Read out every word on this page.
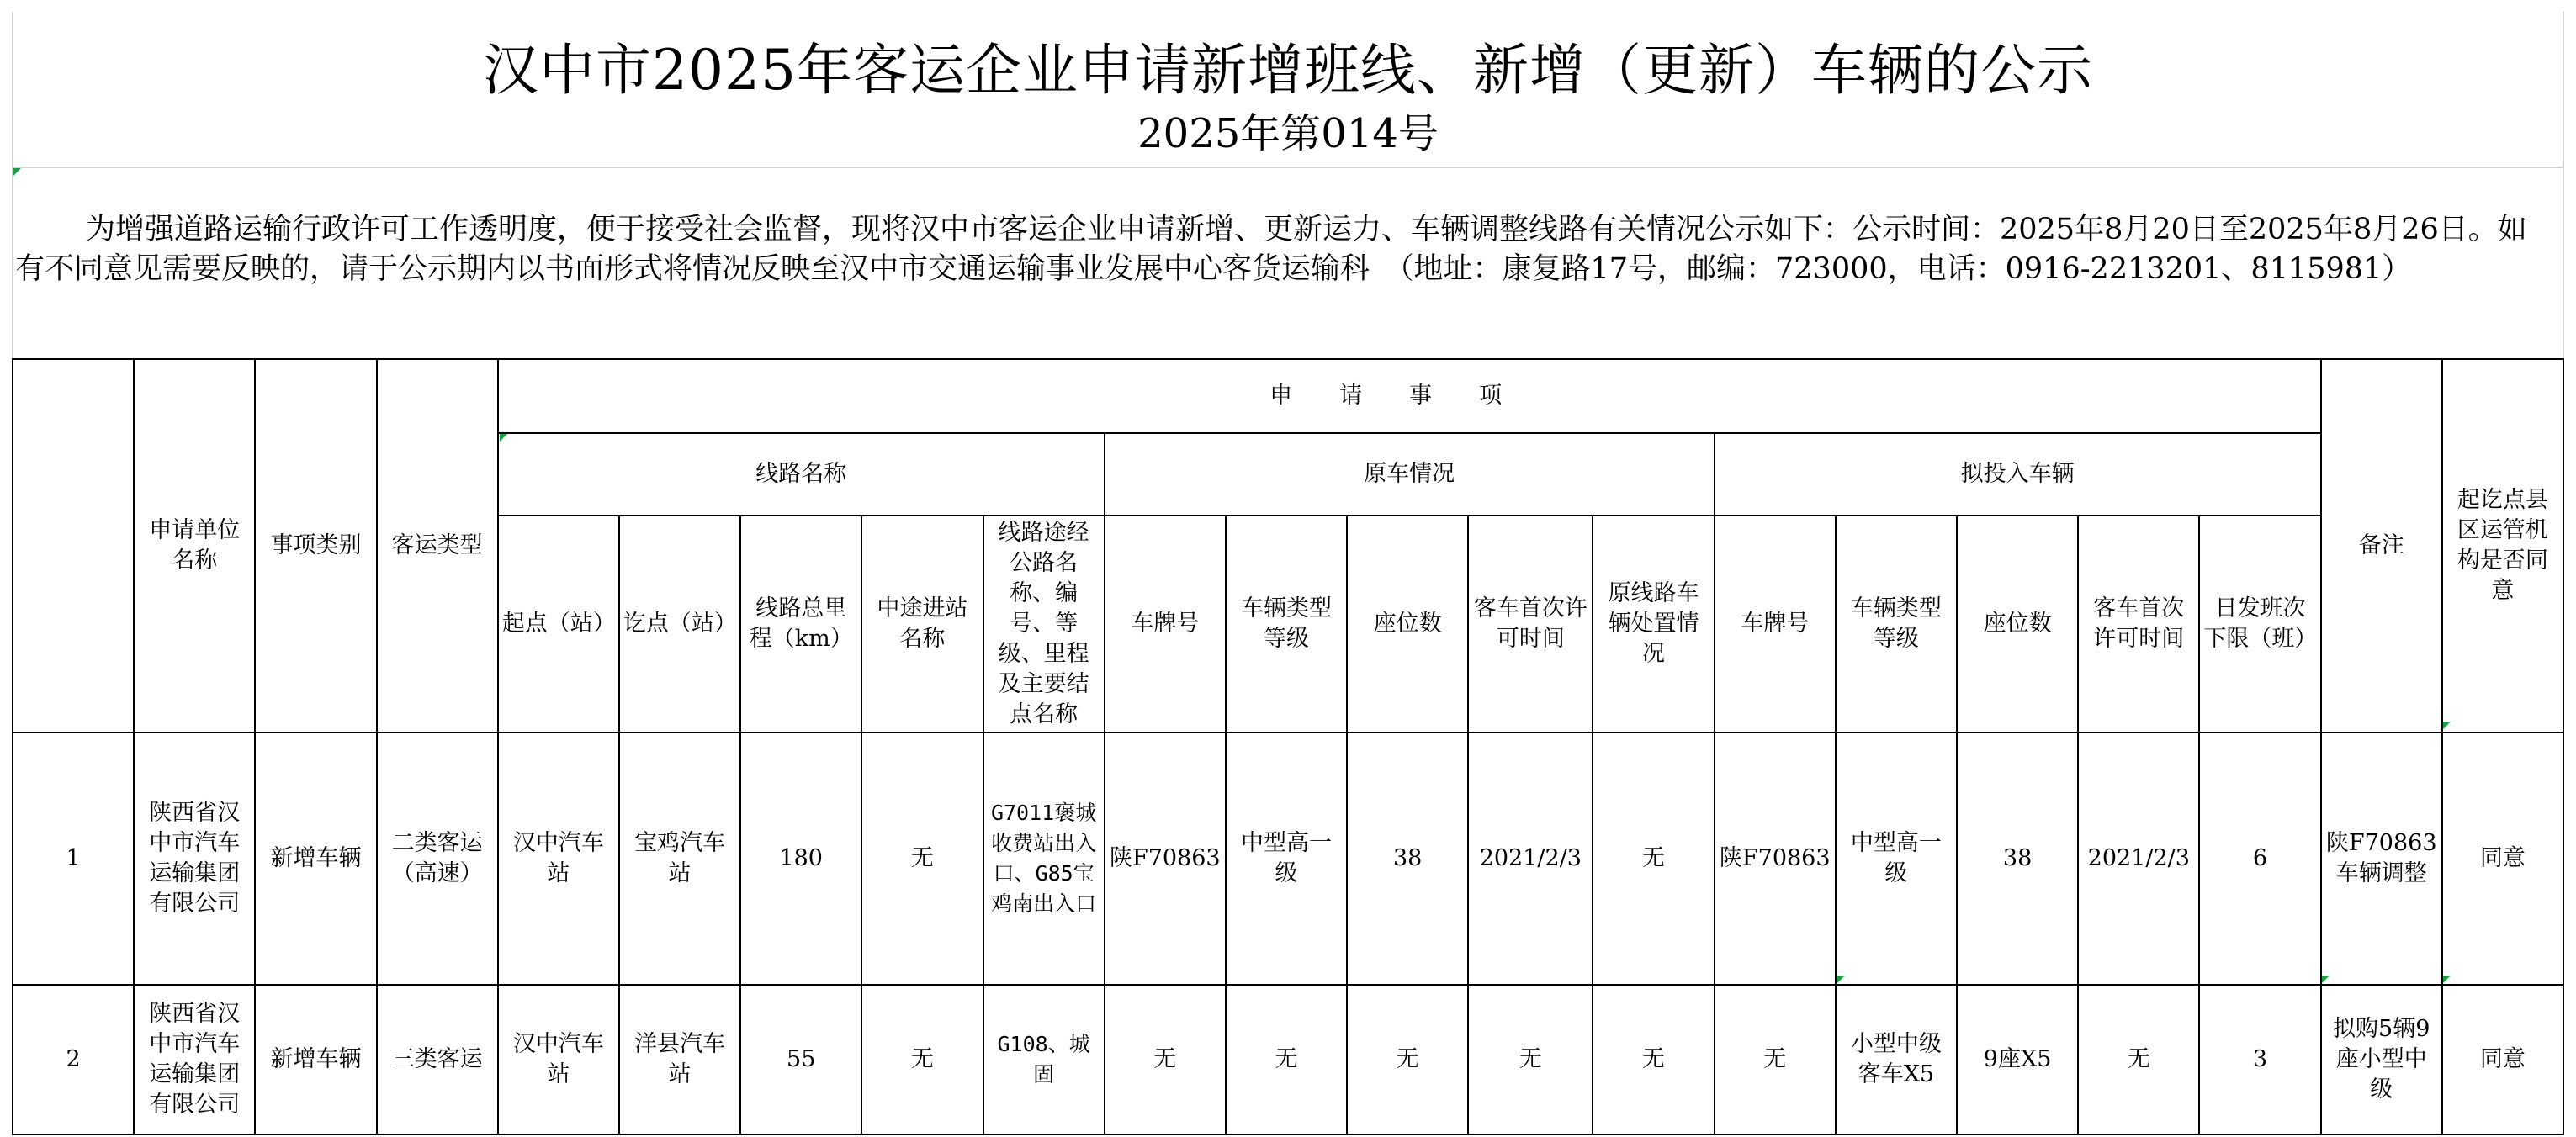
汉中市2025年客运企业申请新增班线、新增（更新）车辆的公示
2025年第014号
为增强道路运输行政许可工作透明度，便于接受社会监督，现将汉中市客运企业申请新增、更新运力、车辆调整线路有关情况公示如下：公示时间：2025年8月20日至2025年8月26日。如有不同意见需要反映的，请于公示期内以书面形式将情况反映至汉中市交通运输事业发展中心客货运输科　（地址：康复路17号，邮编：723000，电话：0916-2213201、8115981）
	申请单位名称	事项类别	客运类型	申请事项															备注	起讫点县区运管机构是否同意
				线路名称					原车情况					拟投入车辆						
				起点（站）	讫点（站）	线路总里程（km）	中途进站名称	线路途经公路名称、编号、等级、里程及主要结点名称	车牌号	车辆类型等级	座位数	客车首次许可时间	原线路车辆处置情况	车牌号	车辆类型等级	座位数	客车首次许可时间	日发班次下限（班）		
1	陕西省汉中市汽车运输集团有限公司	新增车辆	二类客运（高速）	汉中汽车站	宝鸡汽车站	180	无	G7011褒城收费站出入口、G85宝鸡南出入口	陕F70863	中型高一级	38	2021/2/3	无	陕F70863	中型高一级	38	2021/2/3	6	陕F70863车辆调整	同意
2	陕西省汉中市汽车运输集团有限公司	新增车辆	三类客运	汉中汽车站	洋县汽车站	55	无	G108、城固	无	无	无	无	无	无	小型中级客车X5	9座X5	无	3	拟购5辆9座小型中级	同意
